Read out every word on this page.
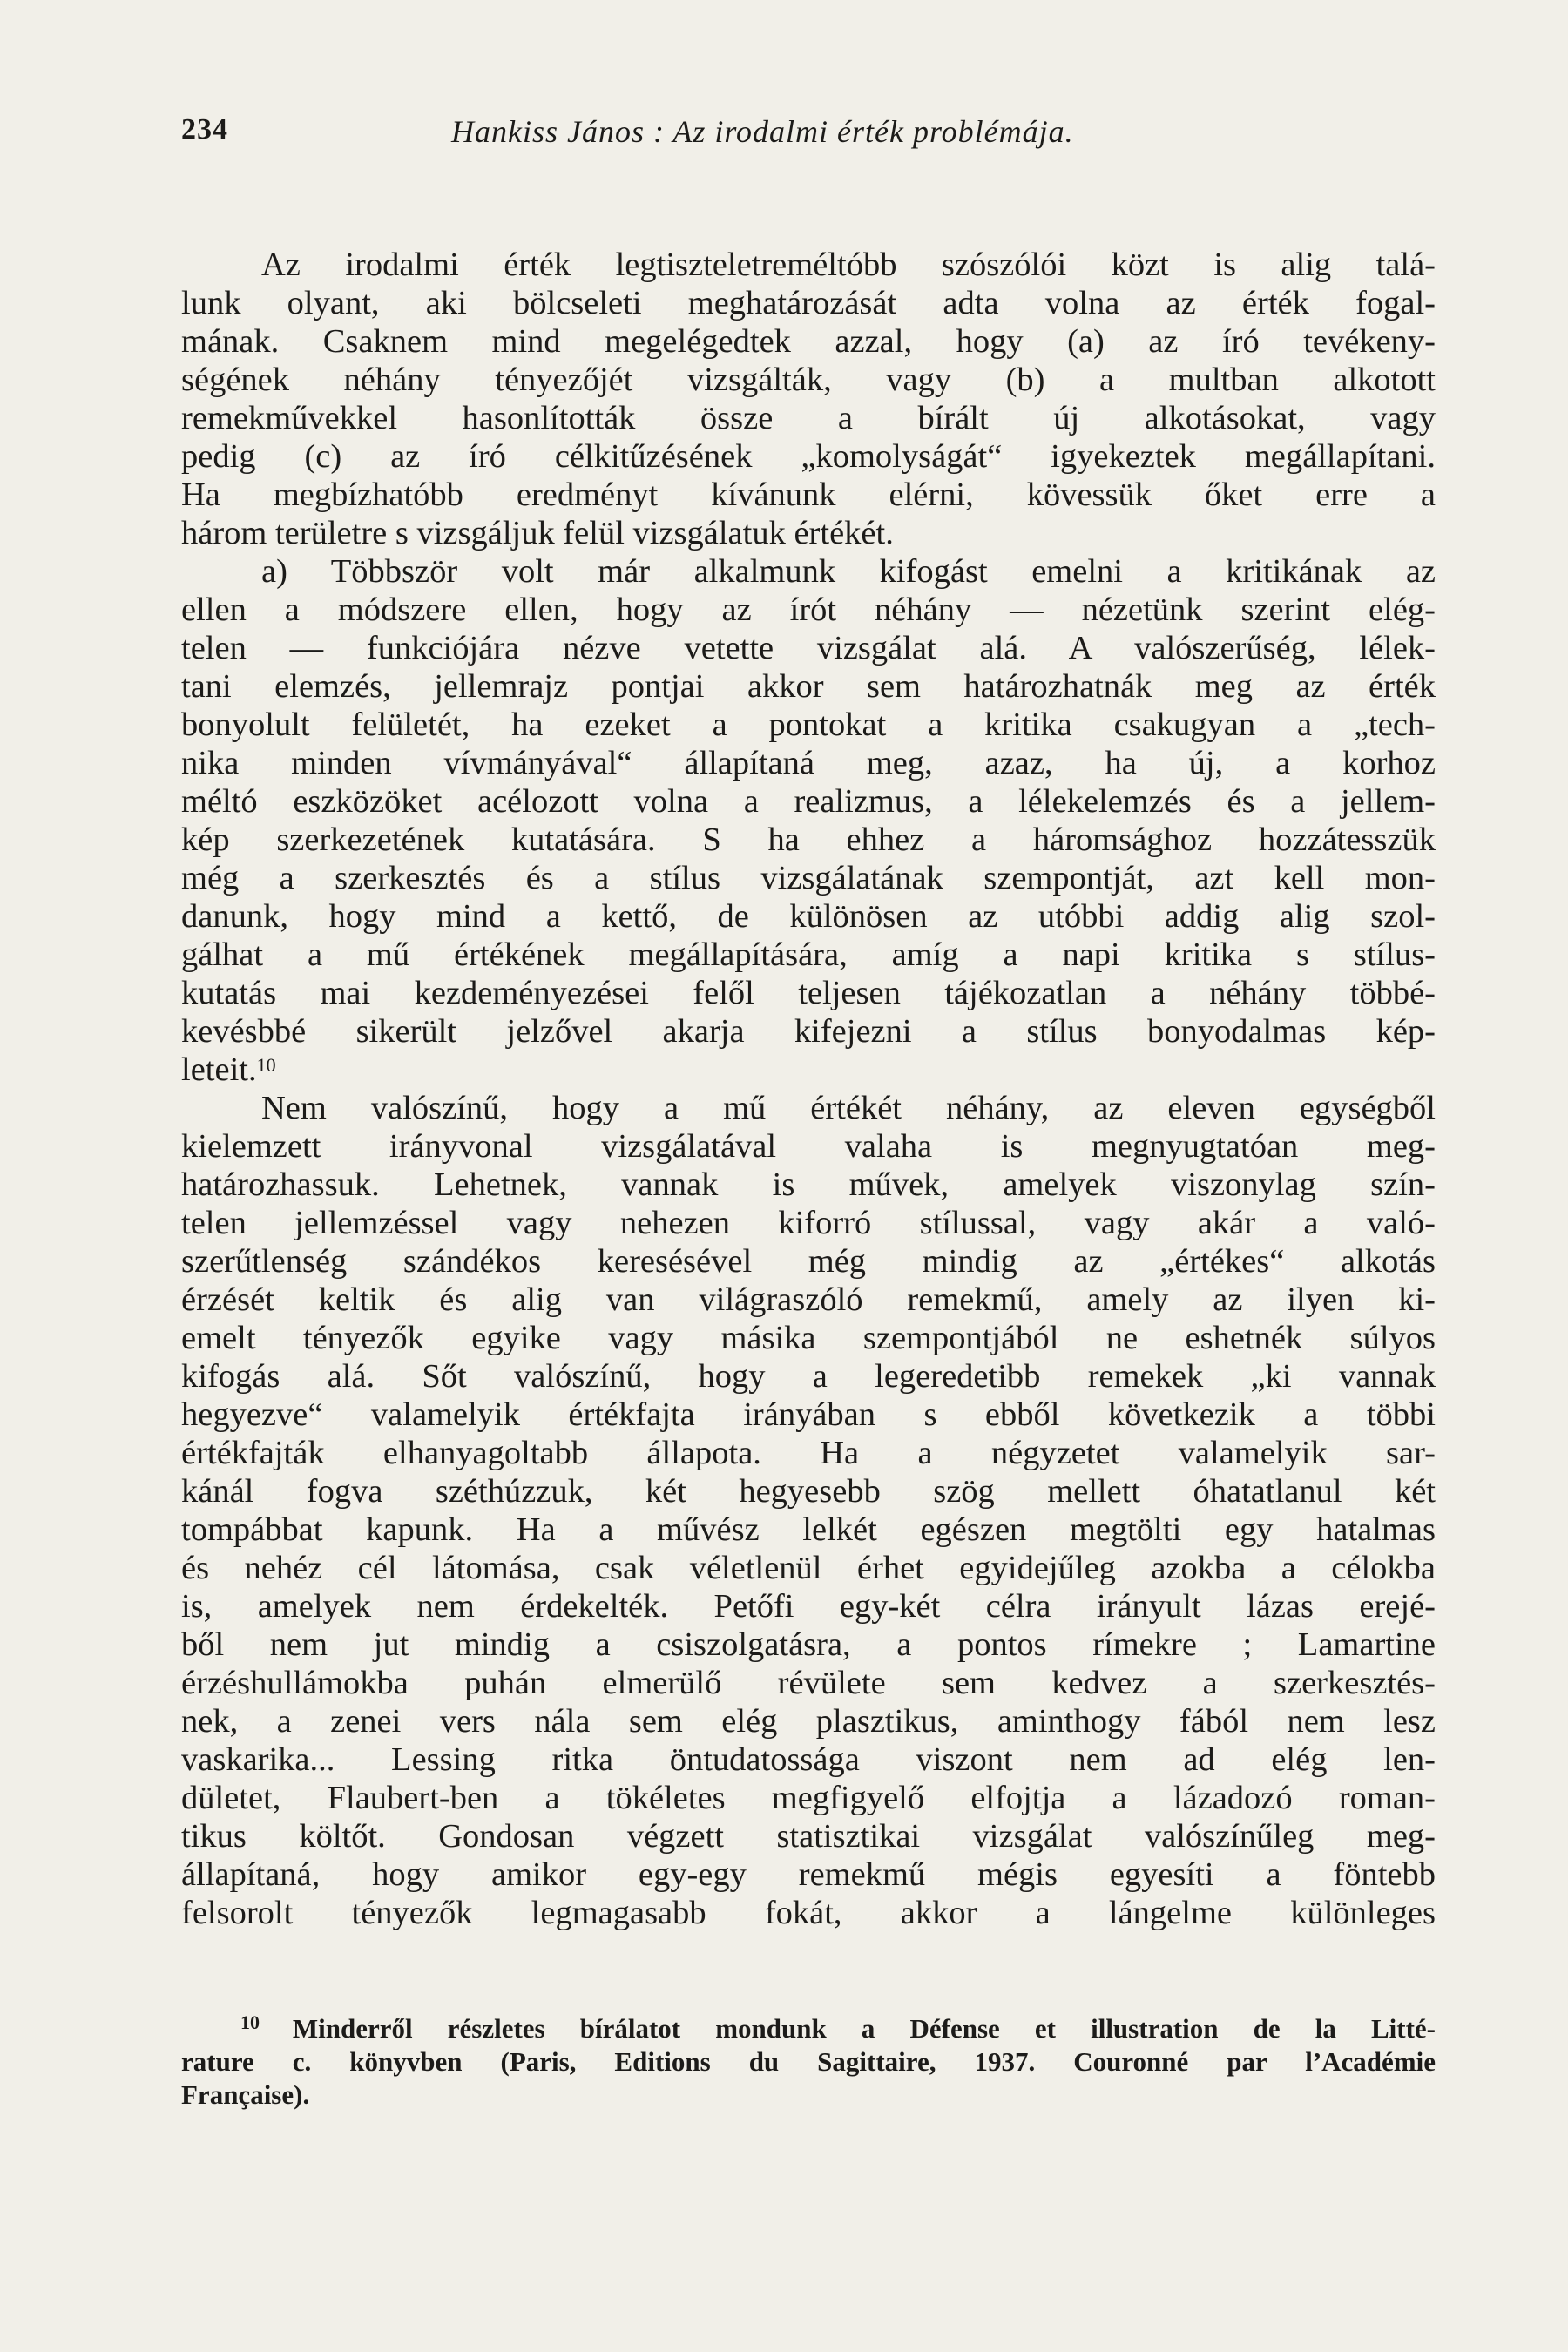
234	Hankiss János : Az irodalmi érték problémája.
Az irodalmi érték legtiszteletreméltóbb szószólói közt is alig talá-
lunk olyant, aki bölcseleti meghatározását adta volna az érték fogal-
mának. Csaknem mind megelégedtek azzal, hogy (a) az író tevékeny-
ségének néhány tényezőjét vizsgálták, vagy (b) a multban alkotott
remekművekkel hasonlították össze a bírált új alkotásokat, vagy
pedig (c) az író célkitűzésének „komolyságát“ igyekeztek megállapítani.
Ha megbízhatóbb eredményt kívánunk elérni, kövessük őket erre a
három területre s vizsgáljuk felül vizsgálatuk értékét.
a) Többször volt már alkalmunk kifogást emelni a kritikának az
ellen a módszere ellen, hogy az írót néhány — nézetünk szerint elég-
telen — funkciójára nézve vetette vizsgálat alá. A valószerűség, lélek-
tani elemzés, jellemrajz pontjai akkor sem határozhatnák meg az érték
bonyolult felületét, ha ezeket a pontokat a kritika csakugyan a „tech-
nika minden vívmányával“ állapítaná meg, azaz, ha új, a korhoz
méltó eszközöket acélozott volna a realizmus, a lélekelemzés és a jellem-
kép szerkezetének kutatására. S ha ehhez a háromsághoz hozzátesszük
még a szerkesztés és a stílus vizsgálatának szempontját, azt kell mon-
danunk, hogy mind a kettő, de különösen az utóbbi addig alig szol-
gálhat a mű értékének megállapítására, amíg a napi kritika s stílus-
kutatás mai kezdeményezései felől teljesen tájékozatlan a néhány többé-
kevésbbé sikerült jelzővel akarja kifejezni a stílus bonyodalmas kép-
leteit.$^{10}$
Nem valószínű, hogy a mű értékét néhány, az eleven egységből
kielemzett irányvonal vizsgálatával valaha is megnyugtatóan meg-
határozhassuk. Lehetnek, vannak is művek, amelyek viszonylag szín-
telen jellemzéssel vagy nehezen kiforró stílussal, vagy akár a való-
szerűtlenség szándékos keresésével még mindig az „értékes“ alkotás
érzését keltik és alig van világraszóló remekmű, amely az ilyen ki-
emelt tényezők egyike vagy másika szempontjából ne eshetnék súlyos
kifogás alá. Sőt valószínű, hogy a legeredetibb remekek „ki vannak
hegyezve“ valamelyik értékfajta irányában s ebből következik a többi
értékfajták elhanyagoltabb állapota. Ha a négyzetet valamelyik sar-
kánál fogva széthúzzuk, két hegyesebb szög mellett óhatatlanul két
tompábbat kapunk. Ha a művész lelkét egészen megtölti egy hatalmas
és nehéz cél látomása, csak véletlenül érhet egyidejűleg azokba a célokba
is, amelyek nem érdekelték. Petőfi egy-két célra irányult lázas erejé-
ből nem jut mindig a csiszolgatásra, a pontos rímekre ; Lamartine
érzéshullámokba puhán elmerülő révülete sem kedvez a szerkesztés-
nek, a zenei vers nála sem elég plasztikus, aminthogy fából nem lesz
vaskarika... Lessing ritka öntudatossága viszont nem ad elég len-
dületet, Flaubert-ben a tökéletes megfigyelő elfojtja a lázadozó roman-
tikus költőt. Gondosan végzett statisztikai vizsgálat valószínűleg meg-
állapítaná, hogy amikor egy-egy remekmű mégis egyesíti a föntebb
felsorolt tényezők legmagasabb fokát, akkor a lángelme különleges
$^{10}$ Minderről részletes bírálatot mondunk a Défense et illustration de la Litté-
rature c. könyvben (Paris, Editions du Sagittaire, 1937. Couronné par l’Académie
Française).
